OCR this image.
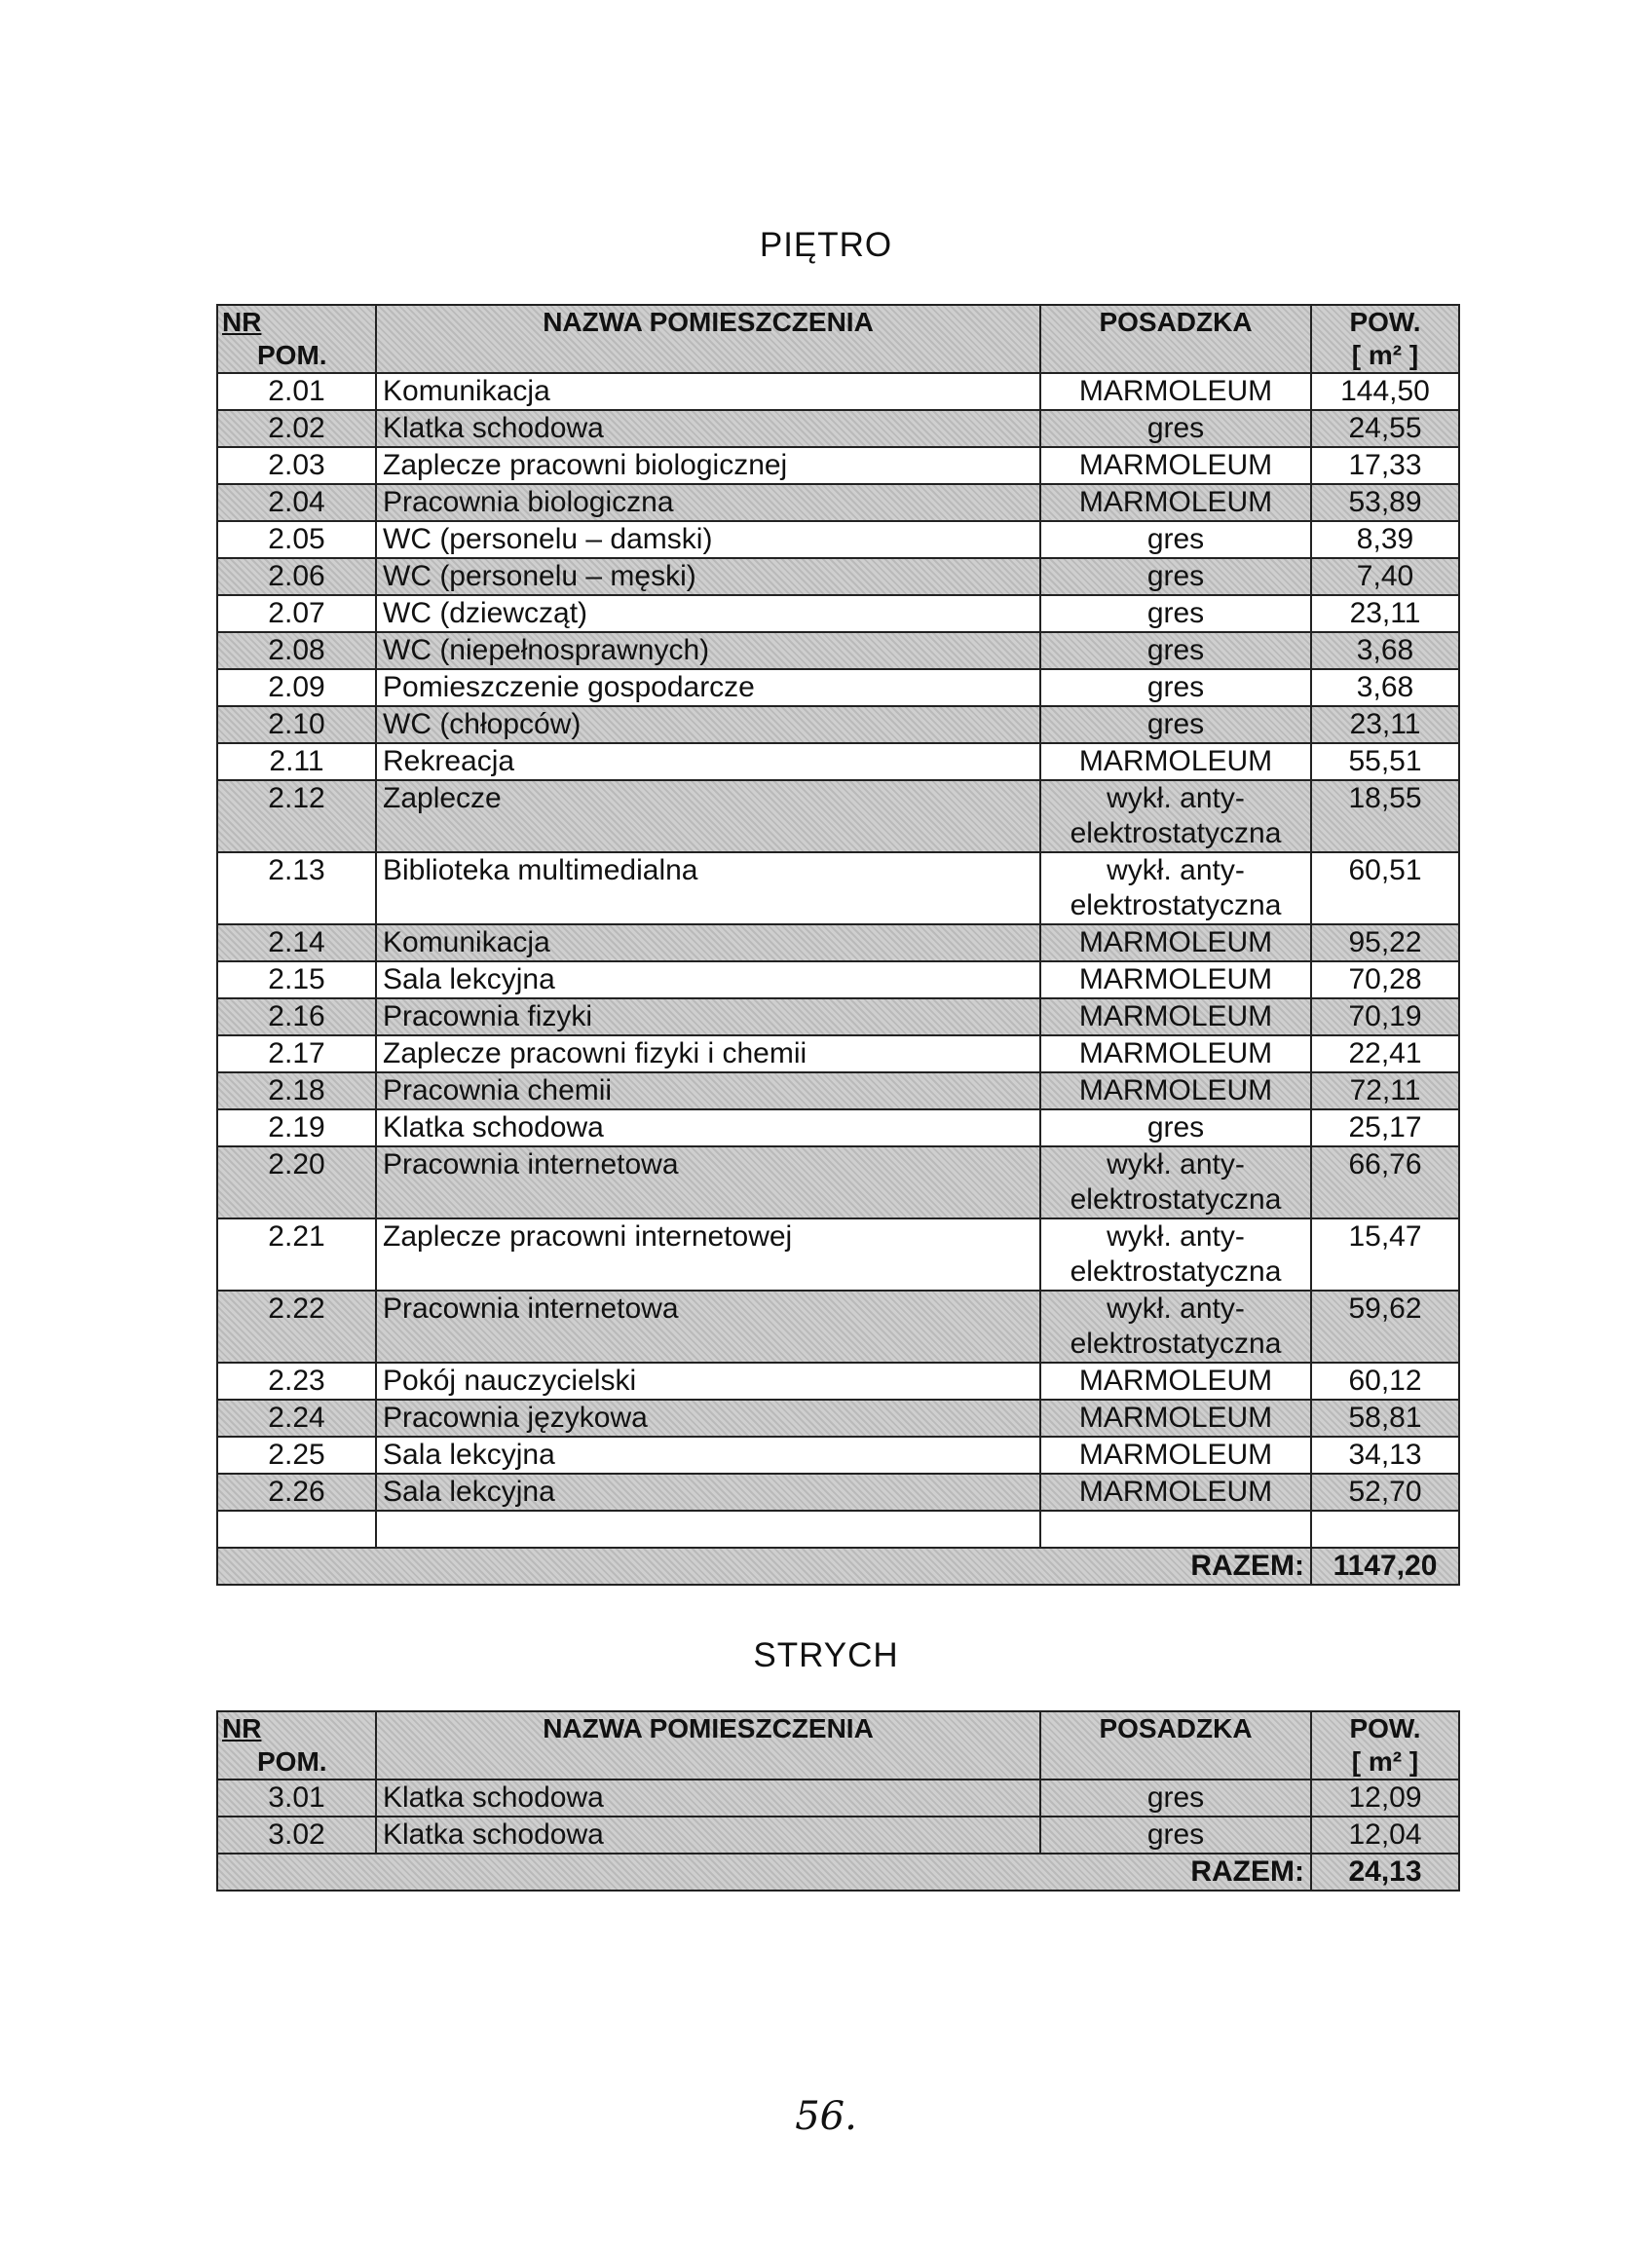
PIĘTRO
NR
POM.	NAZWA POMIESZCZENIA	POSADZKA	POW.
[ m² ]

2.01	Komunikacja	MARMOLEUM	144,50
2.02	Klatka schodowa	gres	24,55
2.03	Zaplecze pracowni biologicznej	MARMOLEUM	17,33
2.04	Pracownia biologiczna	MARMOLEUM	53,89
2.05	WC (personelu – damski)	gres	8,39
2.06	WC (personelu – męski)	gres	7,40
2.07	WC (dziewcząt)	gres	23,11
2.08	WC (niepełnosprawnych)	gres	3,68
2.09	Pomieszczenie gospodarcze	gres	3,68
2.10	WC (chłopców)	gres	23,11
2.11	Rekreacja	MARMOLEUM	55,51
2.12	Zaplecze	wykł. anty-elektrostatyczna	18,55
2.13	Biblioteka multimedialna	wykł. anty-elektrostatyczna	60,51
2.14	Komunikacja	MARMOLEUM	95,22
2.15	Sala lekcyjna	MARMOLEUM	70,28
2.16	Pracownia fizyki	MARMOLEUM	70,19
2.17	Zaplecze pracowni fizyki i chemii	MARMOLEUM	22,41
2.18	Pracownia chemii	MARMOLEUM	72,11
2.19	Klatka schodowa	gres	25,17
2.20	Pracownia internetowa	wykł. anty-elektrostatyczna	66,76
2.21	Zaplecze pracowni internetowej	wykł. anty-elektrostatyczna	15,47
2.22	Pracownia internetowa	wykł. anty-elektrostatyczna	59,62
2.23	Pokój nauczycielski	MARMOLEUM	60,12
2.24	Pracownia językowa	MARMOLEUM	58,81
2.25	Sala lekcyjna	MARMOLEUM	34,13
2.26	Sala lekcyjna	MARMOLEUM	52,70

RAZEM:			1147,20
STRYCH
NR
POM.	NAZWA POMIESZCZENIA	POSADZKA	POW.
[ m² ]

3.01	Klatka schodowa	gres	12,09
3.02	Klatka schodowa	gres	12,04
RAZEM:			24,13
56.
